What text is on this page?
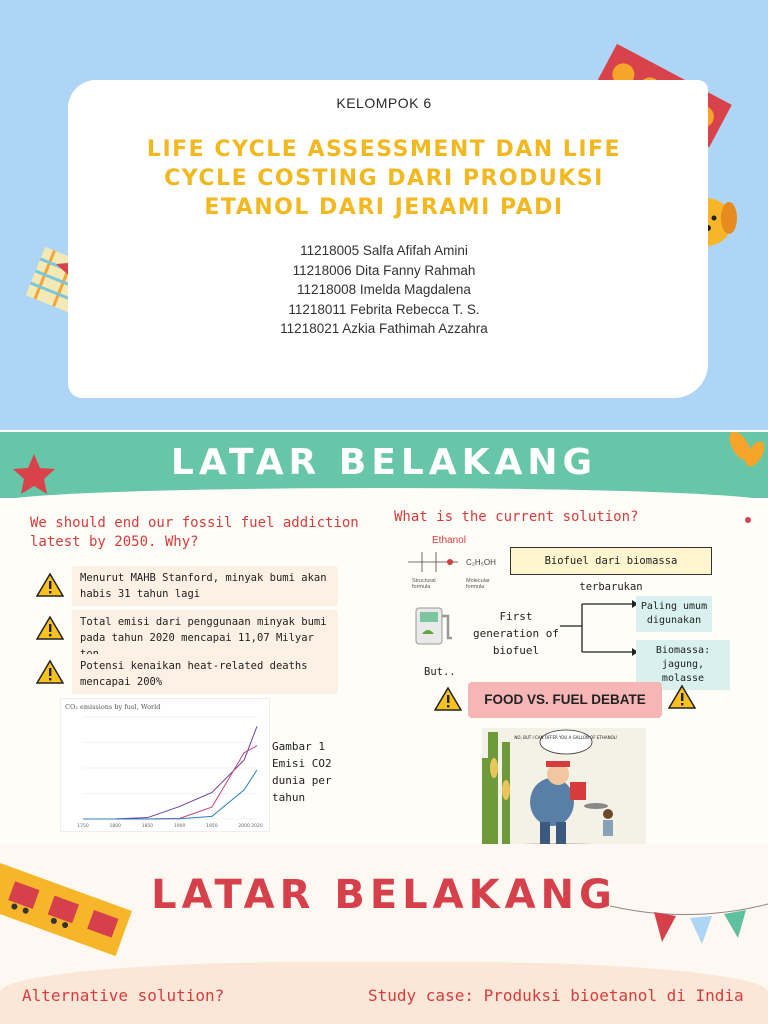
KELOMPOK 6
LIFE CYCLE ASSESSMENT DAN LIFE CYCLE COSTING DARI PRODUKSI ETANOL DARI JERAMI PADI
11218005 Salfa Afifah Amini
11218006 Dita Fanny Rahmah
11218008 Imelda Magdalena
11218011 Febrita Rebecca T. S.
11218021 Azkia Fathimah Azzahra
LATAR BELAKANG
We should end our fossil fuel addiction latest by 2050. Why?
Menurut MAHB Stanford, minyak bumi akan habis 31 tahun lagi
Total emisi dari penggunaan minyak bumi pada tahun 2020 mencapai 11,07 Milyar
Potensi kenaikan heat-related deaths mencapai 200%
CO₂ emissions by fuel, World
1750	1800	1850	1900	1950	2000 2020
Gambar 1 Emisi CO2 dunia per tahun
What is the current solution?
Ethanol
C₂H₅OH
Structural formula
Molecular formula
Biofuel dari biomassa terbarukan
First generation of biofuel
Paling umum digunakan
Biomassa: jagung, molasse
But..
FOOD VS. FUEL DEBATE
NO, BUT I CAN OFFER YOU A GALLON OF ETHANOL!
LATAR BELAKANG
Alternative solution?	Study case: Produksi bioetanol di India
